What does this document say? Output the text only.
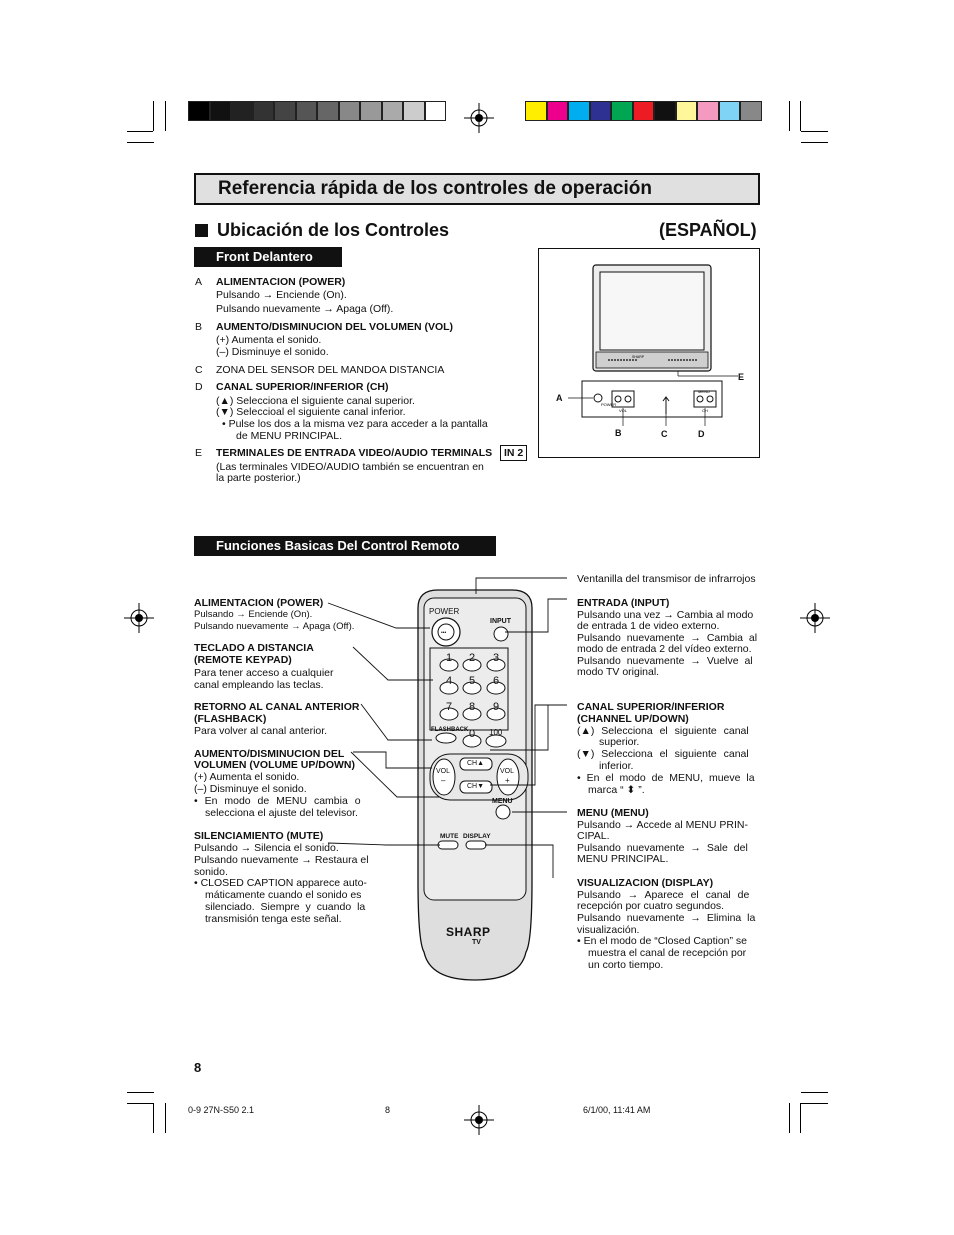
Referencia rápida de los controles de operación
Ubicación de los Controles	(ESPAÑOL)
Front Delantero
A ALIMENTACION (POWER)
Pulsando → Enciende (On).
Pulsando nuevamente → Apaga (Off).
B AUMENTO/DISMINUCION DEL VOLUMEN (VOL)
(+) Aumenta el sonido.
(–) Disminuye el sonido.
C ZONA DEL SENSOR DEL MANDOA DISTANCIA
D CANAL SUPERIOR/INFERIOR (CH)
(▲) Selecciona el siguiente canal superior.
(▼) Seleccioal el siguiente canal inferior.
• Pulse los dos a la misma vez para acceder a la pantalla
de MENU PRINCIPAL.
E TERMINALES DE ENTRADA VIDEO/AUDIO TERMINALS	IN 2
(Las terminales VIDEO/AUDIO también se encuentran en
la parte posterior.)
SHARP
POWER
VOL
MENU
CH
A
B	C	D
E
Funciones Basicas Del Control Remoto
Ventanilla del transmisor de infrarrojos
•••
POWER
INPUT
1 2 3
4 5 6
7 8 9
0 100
FLASHBACK
CH▲
CH▼
VOL
–
VOL
+
MENU
MUTE DISPLAY
SHARP
TV
ALIMENTACION (POWER)
Pulsando → Enciende (On).
Pulsando nuevamente → Apaga (Off).
TECLADO A DISTANCIA
(REMOTE KEYPAD)
Para tener acceso a cualquier
canal empleando las teclas.
RETORNO AL CANAL ANTERIOR
(FLASHBACK)
Para volver al canal anterior.
AUMENTO/DISMINUCION DEL
VOLUMEN (VOLUME UP/DOWN)
(+) Aumenta el sonido.
(–) Disminuye el sonido.
• En modo de MENU cambia o
selecciona el ajuste del televisor.
SILENCIAMIENTO (MUTE)
Pulsando → Silencia el sonido.
Pulsando nuevamente → Restaura el
sonido.
• CLOSED CAPTION apparece auto-
máticamente cuando el sonido es
silenciado. Siempre y cuando la
transmisión tenga este señal.
ENTRADA (INPUT)
Pulsando una vez → Cambia al modo
de entrada 1 de video externo.
Pulsando nuevamente → Cambia al
modo de entrada 2 del vídeo externo.
Pulsando nuevamente → Vuelve al
modo TV original.
CANAL SUPERIOR/INFERIOR
(CHANNEL UP/DOWN)
(▲) Selecciona el siguiente canal
superior.
(▼) Selecciona el siguiente canal
inferior.
• En el modo de MENU, mueve la
marca “ ⬍ ”.
MENU (MENU)
Pulsando → Accede al MENU PRIN-
CIPAL.
Pulsando nuevamente → Sale del
MENU PRINCIPAL.
VISUALIZACION (DISPLAY)
Pulsando → Aparece el canal de
recepción por cuatro segundos.
Pulsando nuevamente → Elimina la
visualización.
• En el modo de “Closed Caption” se
muestra el canal de recepción por
un corto tiempo.
8
0-9 27N-S50 2.1	8	6/1/00, 11:41 AM
